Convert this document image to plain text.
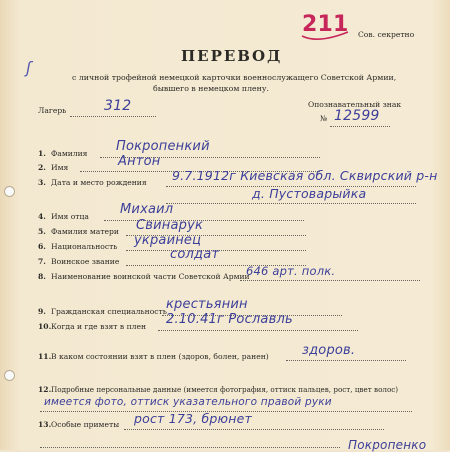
ʃ
211 Сов. секретно
ПЕРЕВОД
с личной трофейной немецкой карточки военнослужащего Советской Армии,
бывшего в немецком плену.
Лагерь	312	Опознавательный знак
№ 12599
1. Фамилия Покропенкий
2. Имя	Антон
3. Дата и место рождения 9.7.1912г Киевская обл. Сквирский р-н
д. Пустоварыйка
4. Имя отца Михаил
5. Фамилия матери Свинарук
6. Национальность украинец
7. Воинское звание	солдат
8. Наименование воинской части Советской Армии
646 арт. полк.
9. Гражданская специальность крестьянин
10. Когда и где взят в плен 2.10.41г Рославль
11. В каком состоянии взят в плен (здоров, болен, ранен)	здоров.
12. Подробные персональные данные (имеется фотография, оттиск пальцев, рост, цвет волос)
имеется фото, оттиск указательного правой руки
13. Особые приметы рост 173, брюнет
Покропенко
